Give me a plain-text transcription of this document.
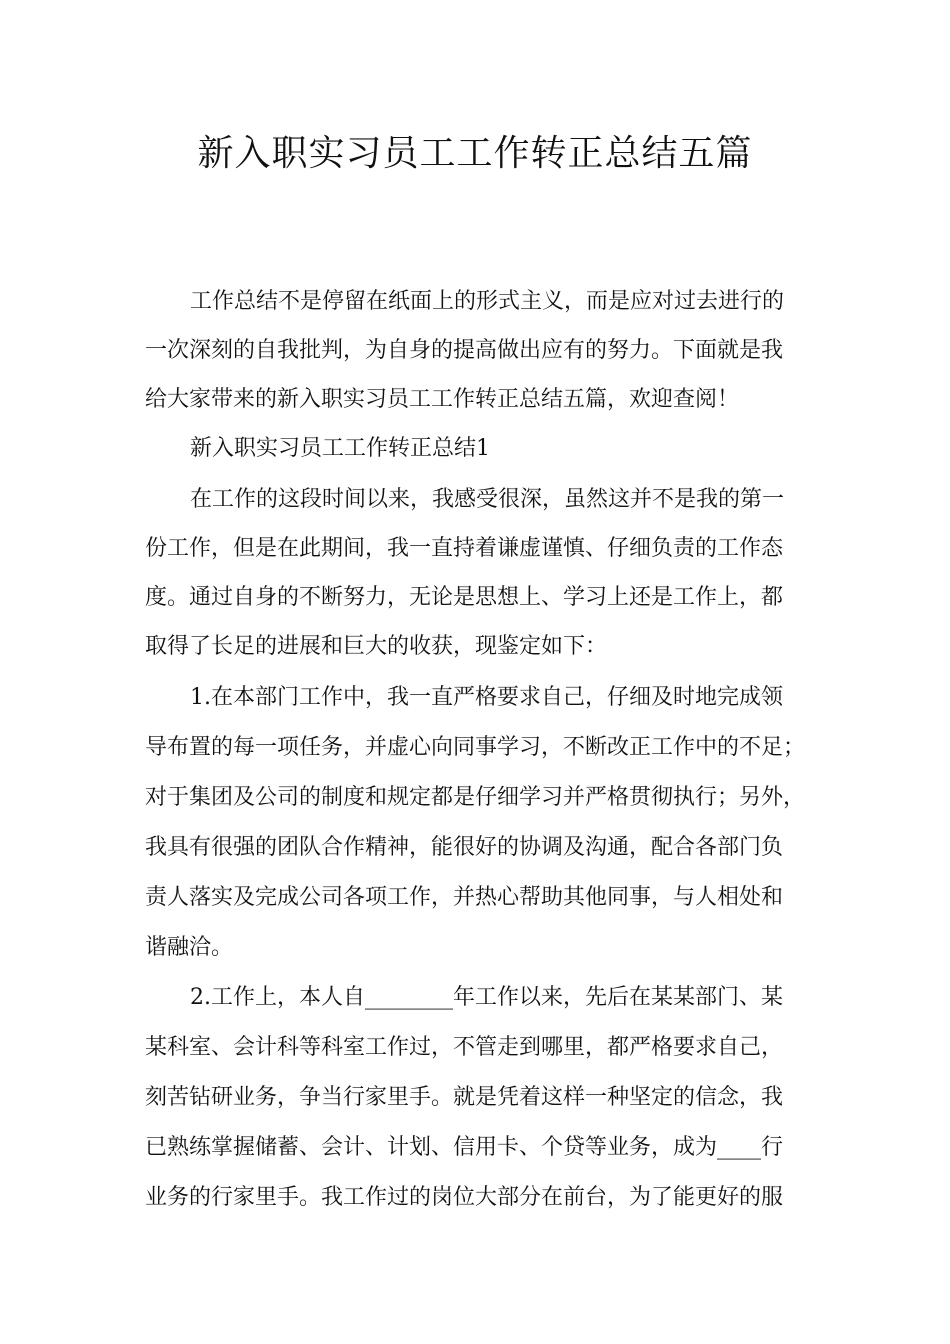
新入职实习员工工作转正总结五篇

工作总结不是停留在纸面上的形式主义，而是应对过去进行的

一次深刻的自我批判，为自身的提高做出应有的努力。下面就是我

给大家带来的新入职实习员工工作转正总结五篇，欢迎查阅！

新入职实习员工工作转正总结1

在工作的这段时间以来，我感受很深，虽然这并不是我的第一

份工作，但是在此期间，我一直持着谦虚谨慎、仔细负责的工作态

度。通过自身的不断努力，无论是思想上、学习上还是工作上，都

取得了长足的进展和巨大的收获，现鉴定如下：

1.在本部门工作中，我一直严格要求自己，仔细及时地完成领

导布置的每一项任务，并虚心向同事学习，不断改正工作中的不足；

对于集团及公司的制度和规定都是仔细学习并严格贯彻执行；另外，

我具有很强的团队合作精神，能很好的协调及沟通，配合各部门负

责人落实及完成公司各项工作，并热心帮助其他同事，与人相处和

谐融洽。

2.工作上，本人自________年工作以来，先后在某某部门、某

某科室、会计科等科室工作过，不管走到哪里，都严格要求自己，

刻苦钻研业务，争当行家里手。就是凭着这样一种坚定的信念，我

已熟练掌握储蓄、会计、计划、信用卡、个贷等业务，成为____行

业务的行家里手。我工作过的岗位大部分在前台，为了能更好的服
